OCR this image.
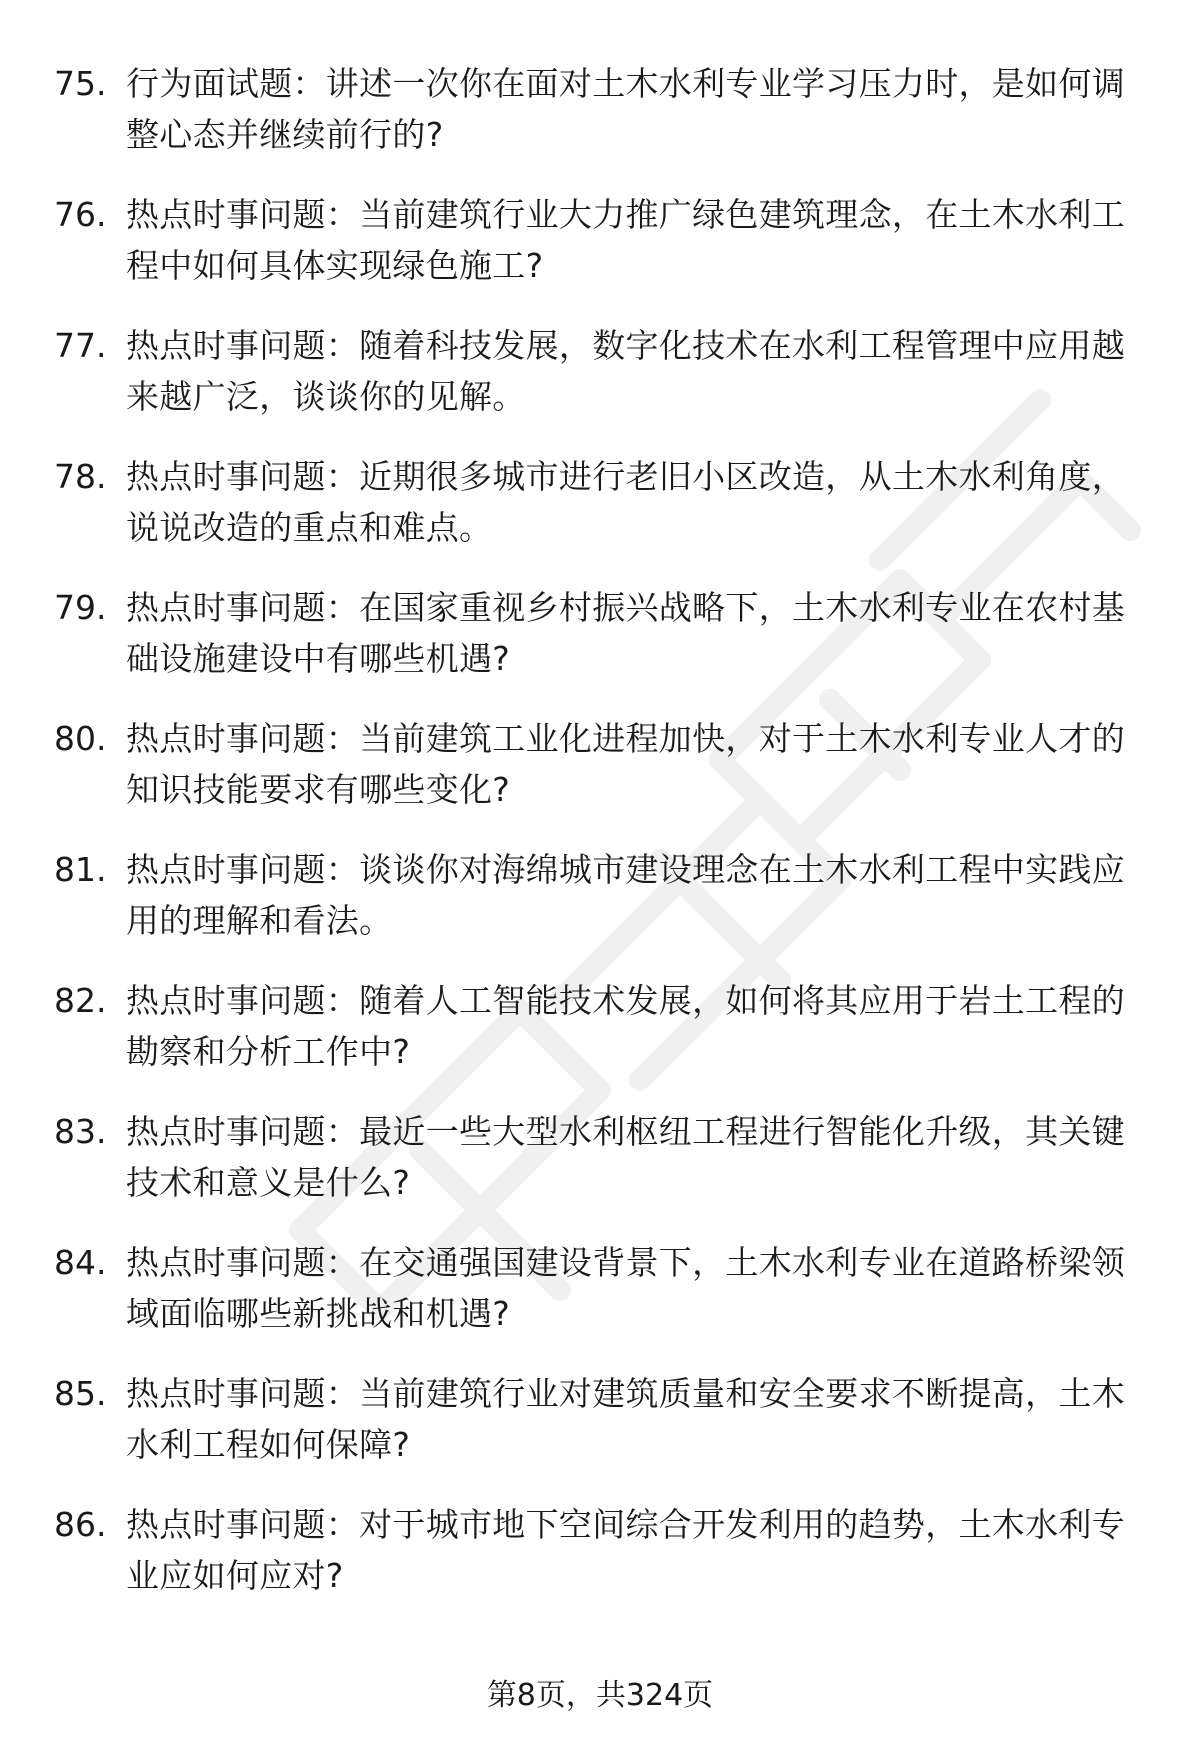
75. 行为面试题：讲述一次你在面对土木水利专业学习压力时，是如何调整心态并继续前行的?
76. 热点时事问题：当前建筑行业大力推广绿色建筑理念，在土木水利工程中如何具体实现绿色施工?
77. 热点时事问题：随着科技发展，数字化技术在水利工程管理中应用越来越广泛，谈谈你的见解。
78. 热点时事问题：近期很多城市进行老旧小区改造，从土木水利角度，说说改造的重点和难点。
79. 热点时事问题：在国家重视乡村振兴战略下，土木水利专业在农村基础设施建设中有哪些机遇?
80. 热点时事问题：当前建筑工业化进程加快，对于土木水利专业人才的知识技能要求有哪些变化?
81. 热点时事问题：谈谈你对海绵城市建设理念在土木水利工程中实践应用的理解和看法。
82. 热点时事问题：随着人工智能技术发展，如何将其应用于岩土工程的勘察和分析工作中?
83. 热点时事问题：最近一些大型水利枢纽工程进行智能化升级，其关键技术和意义是什么?
84. 热点时事问题：在交通强国建设背景下，土木水利专业在道路桥梁领域面临哪些新挑战和机遇?
85. 热点时事问题：当前建筑行业对建筑质量和安全要求不断提高，土木水利工程如何保障?
86. 热点时事问题：对于城市地下空间综合开发利用的趋势，土木水利专业应如何应对?
第8页，共324页
